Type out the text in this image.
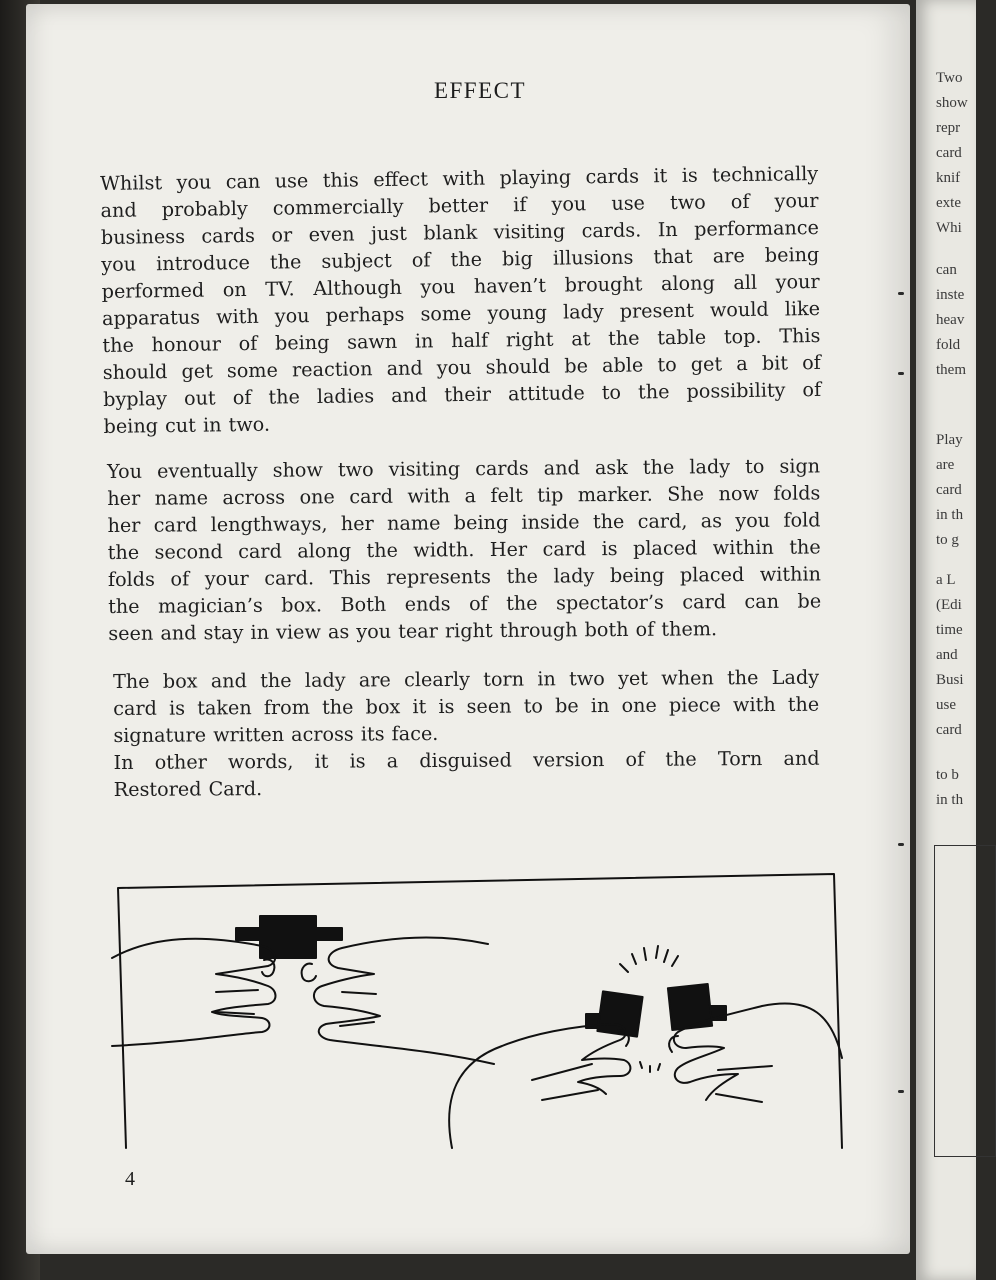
Two
show
repr
card
knif
exte
Whi
can
inste
heav
fold
them
Play
are
card
in th
to g
a L
(Edi
time
and
Busi
use
card
to b
in th
EFFECT
Whilst you can use this effect with playing cards it is technically
and probably commercially better if you use two of your
business cards or even just blank visiting cards. In performance
you introduce the subject of the big illusions that are being
performed on TV. Although you haven’t brought along all your
apparatus with you perhaps some young lady present would like
the honour of being sawn in half right at the table top. This
should get some reaction and you should be able to get a bit of
byplay out of the ladies and their attitude to the possibility of
being cut in two.
You eventually show two visiting cards and ask the lady to sign
her name across one card with a felt tip marker. She now folds
her card lengthways, her name being inside the card, as you fold
the second card along the width. Her card is placed within the
folds of your card. This represents the lady being placed within
the magician’s box. Both ends of the spectator’s card can be
seen and stay in view as you tear right through both of them.
The box and the lady are clearly torn in two yet when the Lady
card is taken from the box it is seen to be in one piece with the
signature written across its face.
In other words, it is a disguised version of the Torn and
Restored Card.
4
